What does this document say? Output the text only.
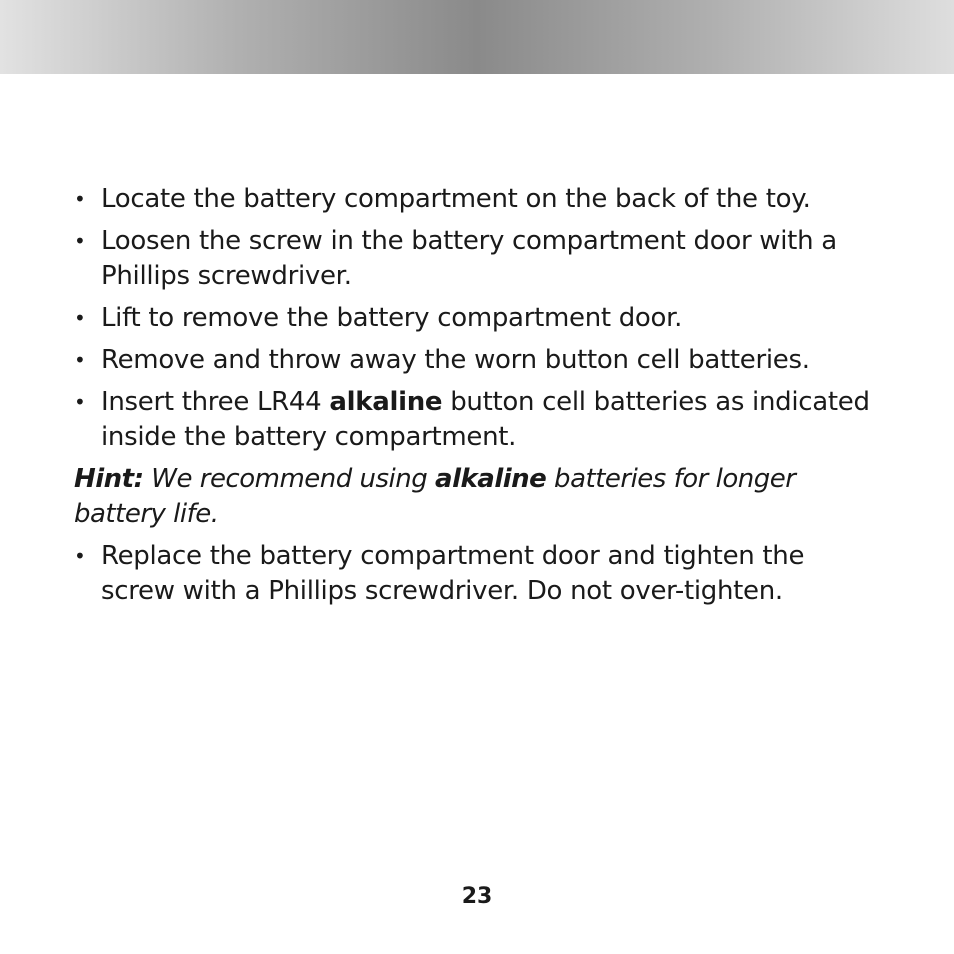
• Locate the battery compartment on the back of the toy.
• Loosen the screw in the battery compartment door with a Phillips screwdriver.
• Lift to remove the battery compartment door.
• Remove and throw away the worn button cell batteries.
• Insert three LR44 alkaline button cell batteries as indicated inside the battery compartment.

Hint: We recommend using alkaline batteries for longer battery life.

• Replace the battery compartment door and tighten the screw with a Phillips screwdriver. Do not over-tighten.
23
